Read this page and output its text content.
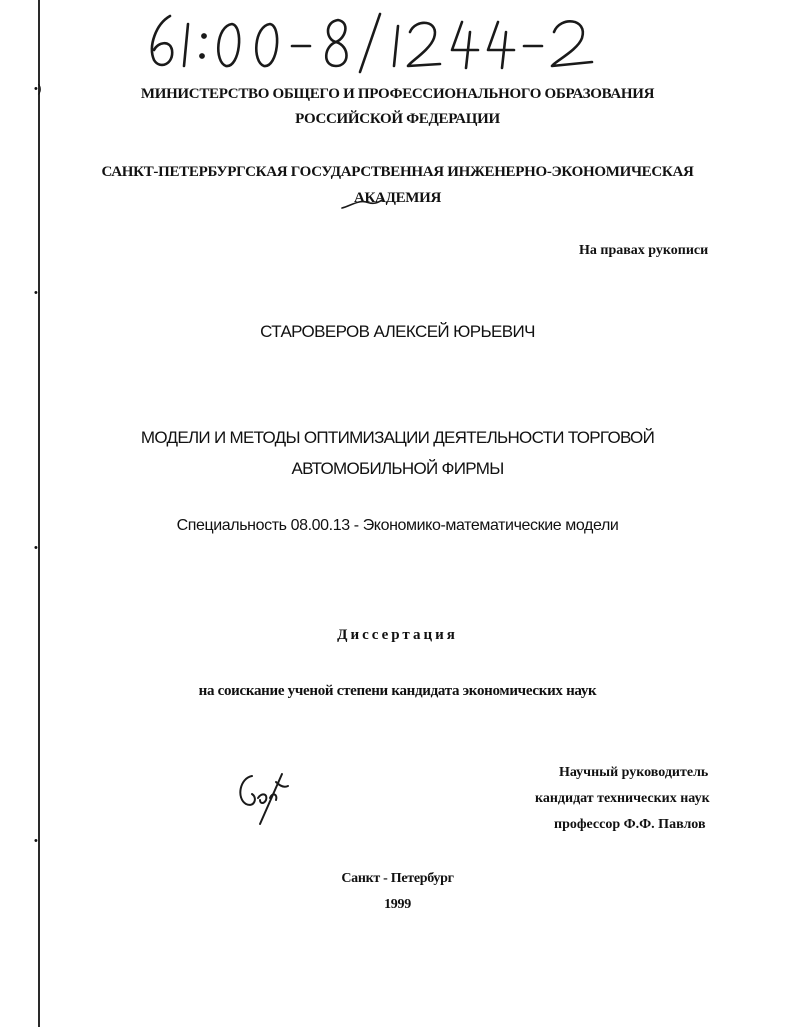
•)
•
•
•
МИНИСТЕРСТВО ОБЩЕГО И ПРОФЕССИОНАЛЬНОГО ОБРАЗОВАНИЯ
РОССИЙСКОЙ ФЕДЕРАЦИИ
САНКТ-ПЕТЕРБУРГСКАЯ ГОСУДАРСТВЕННАЯ ИНЖЕНЕРНО-ЭКОНОМИЧЕСКАЯ
АКАДЕМИЯ
На правах рукописи
СТАРОВЕРОВ АЛЕКСЕЙ ЮРЬЕВИЧ
МОДЕЛИ И МЕТОДЫ ОПТИМИЗАЦИИ ДЕЯТЕЛЬНОСТИ ТОРГОВОЙ
АВТОМОБИЛЬНОЙ ФИРМЫ
Специальность 08.00.13 - Экономико-математические модели
Диссертация
на соискание ученой степени кандидата экономических наук
Научный руководитель
кандидат технических наук
профессор Ф.Ф. Павлов
Санкт - Петербург
1999
